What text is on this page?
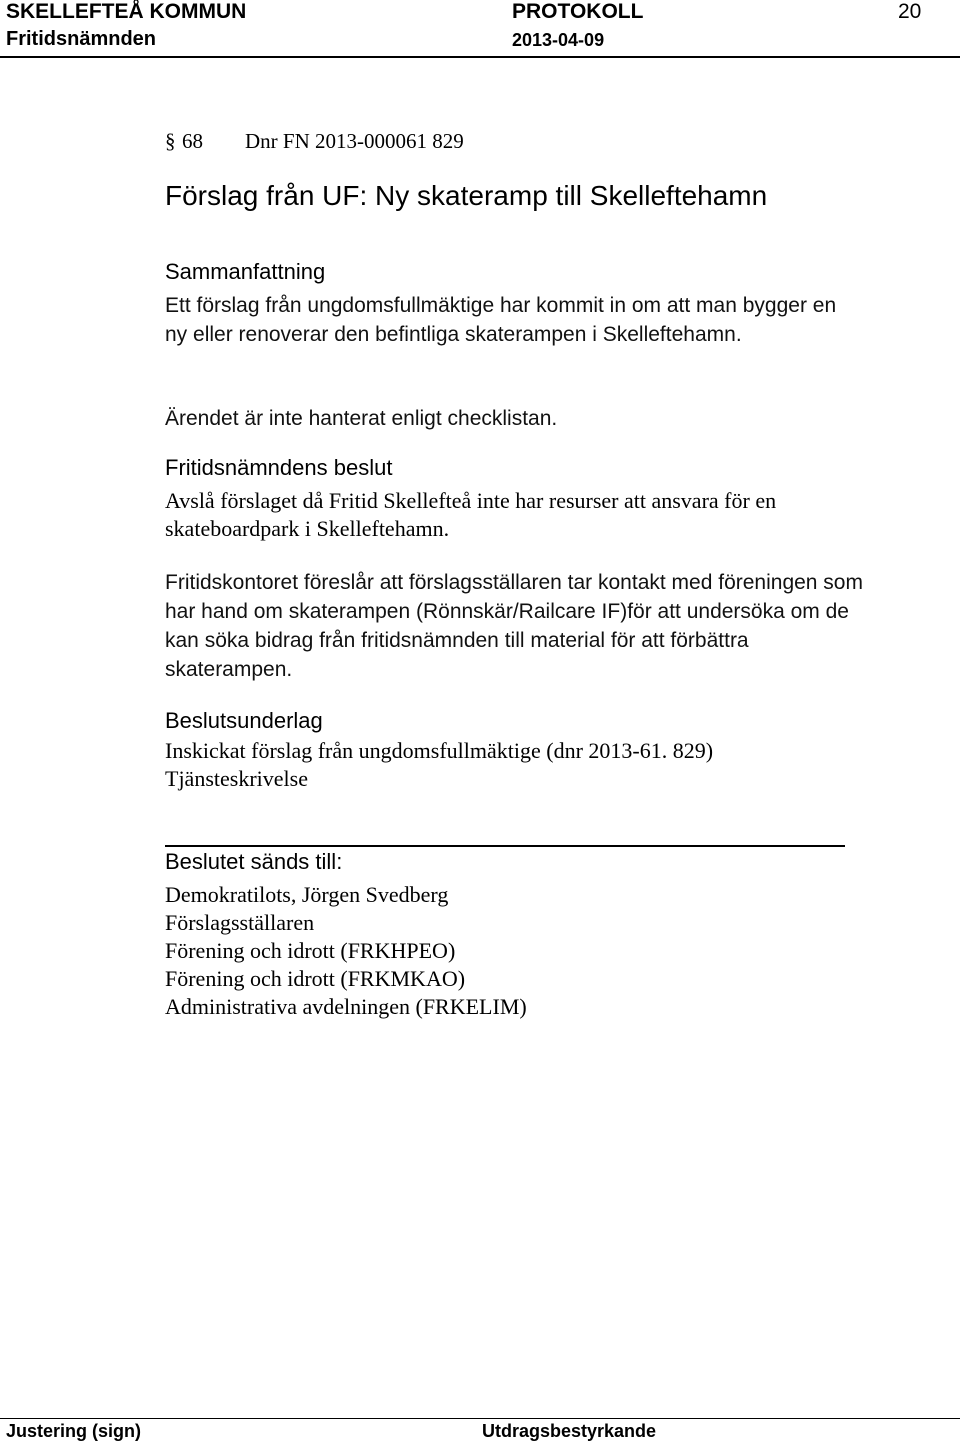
SKELLEFTEÅ KOMMUN	PROTOKOLL	20
Fritidsnämnden	2013-04-09
§ 68 Dnr FN 2013-000061 829
Förslag från UF: Ny skateramp till Skelleftehamn
Sammanfattning
Ett förslag från ungdomsfullmäktige har kommit in om att man bygger en ny eller renoverar den befintliga skaterampen i Skelleftehamn.
Ärendet är inte hanterat enligt checklistan.
Fritidsnämndens beslut
Avslå förslaget då Fritid Skellefteå inte har resurser att ansvara för en skateboardpark i Skelleftehamn.
Fritidskontoret föreslår att förslagsställaren tar kontakt med föreningen som har hand om skaterampen (Rönnskär/Railcare IF)för att undersöka om de kan söka bidrag från fritidsnämnden till material för att förbättra skaterampen.
Beslutsunderlag
Inskickat förslag från ungdomsfullmäktige (dnr 2013-61. 829)
Tjänsteskrivelse
Beslutet sänds till:
Demokratilots, Jörgen Svedberg
Förslagsställaren
Förening och idrott (FRKHPEO)
Förening och idrott (FRKMKAO)
Administrativa avdelningen (FRKELIM)
Justering (sign)	Utdragsbestyrkande
